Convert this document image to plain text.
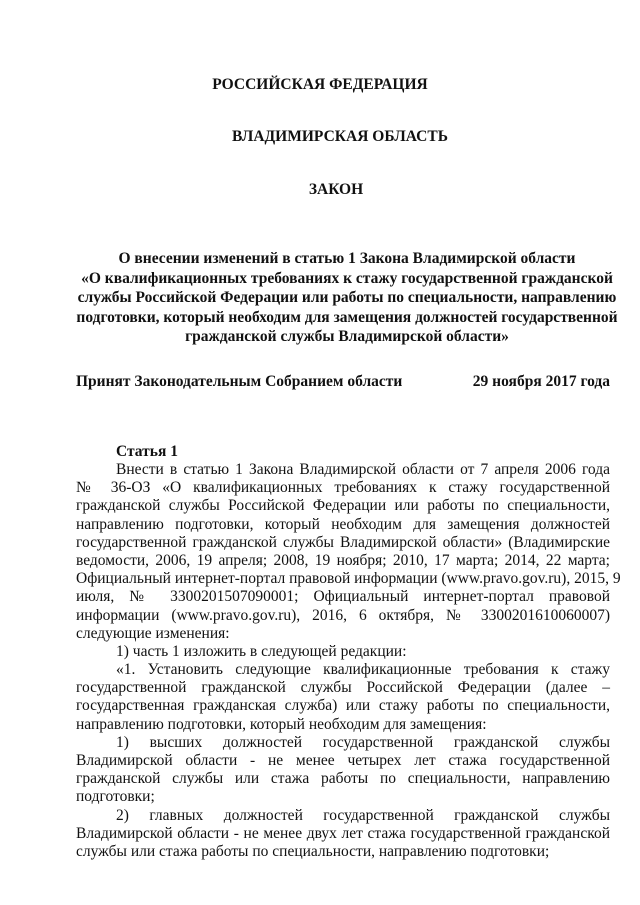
РОССИЙСКАЯ ФЕДЕРАЦИЯ
ВЛАДИМИРСКАЯ ОБЛАСТЬ
ЗАКОН
О внесении изменений в статью 1 Закона Владимирской области
«О квалификационных требованиях к стажу государственной гражданской
службы Российской Федерации или работы по специальности, направлению
подготовки, который необходим для замещения должностей государственной
гражданской службы Владимирской области»
Принят Законодательным Собранием области	29 ноября 2017 года
Статья 1
Внести в статью 1 Закона Владимирской области от 7 апреля 2006 года
№ 36-ОЗ «О квалификационных требованиях к стажу государственной
гражданской службы Российской Федерации или работы по специальности,
направлению подготовки, который необходим для замещения должностей
государственной гражданской службы Владимирской области» (Владимирские
ведомости, 2006, 19 апреля; 2008, 19 ноября; 2010, 17 марта; 2014, 22 марта;
Официальный интернет-портал правовой информации (www.pravo.gov.ru), 2015, 9
июля, № 3300201507090001; Официальный интернет-портал правовой
информации (www.pravo.gov.ru), 2016, 6 октября, № 3300201610060007)
следующие изменения:
1) часть 1 изложить в следующей редакции:
«1. Установить следующие квалификационные требования к стажу
государственной гражданской службы Российской Федерации (далее –
государственная гражданская служба) или стажу работы по специальности,
направлению подготовки, который необходим для замещения:
1) высших должностей государственной гражданской службы
Владимирской области - не менее четырех лет стажа государственной
гражданской службы или стажа работы по специальности, направлению
подготовки;
2) главных должностей государственной гражданской службы
Владимирской области - не менее двух лет стажа государственной гражданской
службы или стажа работы по специальности, направлению подготовки;
